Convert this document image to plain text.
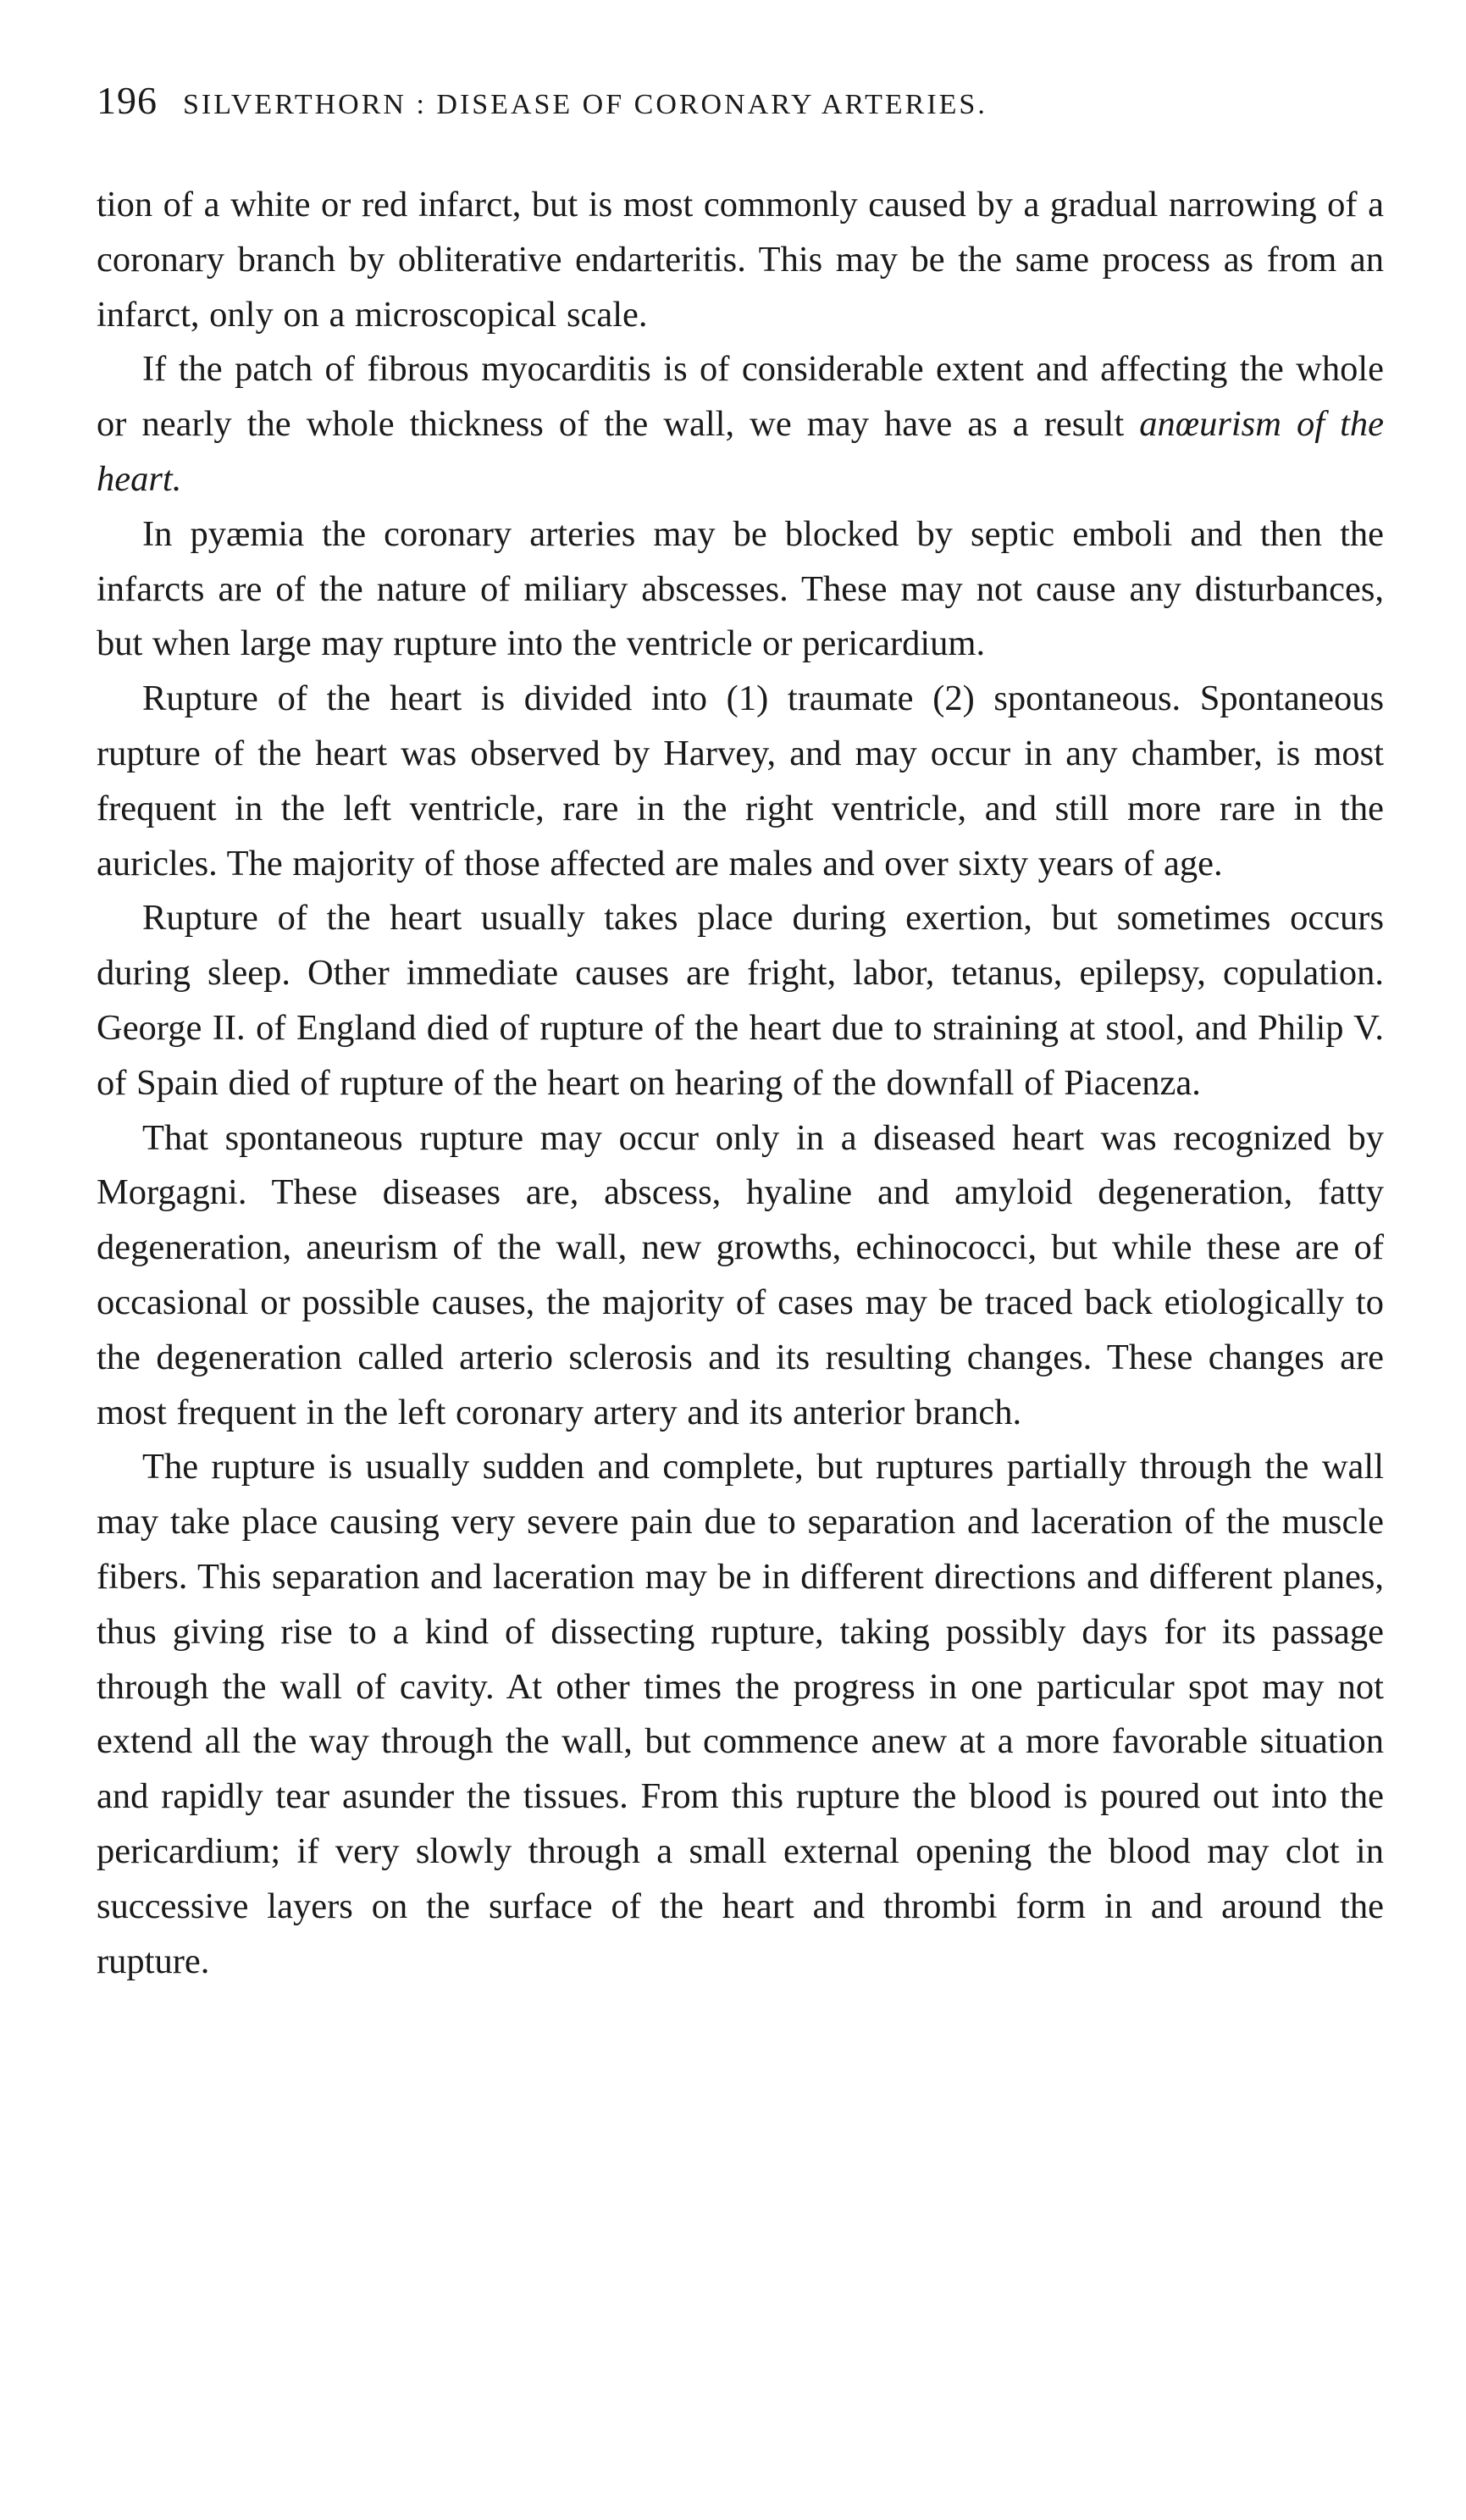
196 SILVERTHORN : DISEASE OF CORONARY ARTERIES.

tion of a white or red infarct, but is most commonly caused by a gradual narrowing of a coronary branch by obliterative endarteritis. This may be the same process as from an infarct, only on a microscopical scale.

If the patch of fibrous myocarditis is of considerable extent and affecting the whole or nearly the whole thickness of the wall, we may have as a result anœurism of the heart.

In pyæmia the coronary arteries may be blocked by septic emboli and then the infarcts are of the nature of miliary abscesses. These may not cause any disturbances, but when large may rupture into the ventricle or pericardium.

Rupture of the heart is divided into (1) traumate (2) spontaneous. Spontaneous rupture of the heart was observed by Harvey, and may occur in any chamber, is most frequent in the left ventricle, rare in the right ventricle, and still more rare in the auricles. The majority of those affected are males and over sixty years of age.

Rupture of the heart usually takes place during exertion, but sometimes occurs during sleep. Other immediate causes are fright, labor, tetanus, epilepsy, copulation. George II. of England died of rupture of the heart due to straining at stool, and Philip V. of Spain died of rupture of the heart on hearing of the downfall of Piacenza.

That spontaneous rupture may occur only in a diseased heart was recognized by Morgagni. These diseases are, abscess, hyaline and amyloid degeneration, fatty degeneration, aneurism of the wall, new growths, echinococci, but while these are of occasional or possible causes, the majority of cases may be traced back etiologically to the degeneration called arterio sclerosis and its resulting changes. These changes are most frequent in the left coronary artery and its anterior branch.

The rupture is usually sudden and complete, but ruptures partially through the wall may take place causing very severe pain due to separation and laceration of the muscle fibers. This separation and laceration may be in different directions and different planes, thus giving rise to a kind of dissecting rupture, taking possibly days for its passage through the wall of cavity. At other times the progress in one particular spot may not extend all the way through the wall, but commence anew at a more favorable situation and rapidly tear asunder the tissues. From this rupture the blood is poured out into the pericardium; if very slowly through a small external opening the blood may clot in successive layers on the surface of the heart and thrombi form in and around the rupture.
